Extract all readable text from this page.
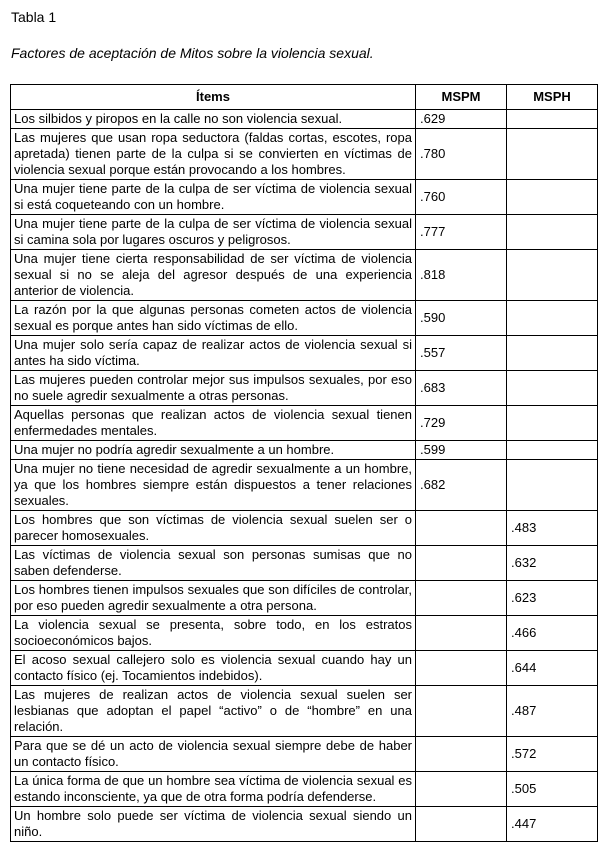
Tabla 1
Factores de aceptación de Mitos sobre la violencia sexual.
Ítems	MSPM	MSPH
Los silbidos y piropos en la calle no son violencia sexual.	.629	
Las mujeres que usan ropa seductora (faldas cortas, escotes, ropa apretada) tienen parte de la culpa si se convierten en víctimas de violencia sexual porque están provocando a los hombres.	.780	
Una mujer tiene parte de la culpa de ser víctima de violencia sexual si está coqueteando con un hombre.	.760	
Una mujer tiene parte de la culpa de ser víctima de violencia sexual si camina sola por lugares oscuros y peligrosos.	.777	
Una mujer tiene cierta responsabilidad de ser víctima de violencia sexual si no se aleja del agresor después de una experiencia anterior de violencia.	.818	
La razón por la que algunas personas cometen actos de violencia sexual es porque antes han sido víctimas de ello.	.590	
Una mujer solo sería capaz de realizar actos de violencia sexual si antes ha sido víctima.	.557	
Las mujeres pueden controlar mejor sus impulsos sexuales, por eso no suele agredir sexualmente a otras personas.	.683	
Aquellas personas que realizan actos de violencia sexual tienen enfermedades mentales.	.729	
Una mujer no podría agredir sexualmente a un hombre.	.599	
Una mujer no tiene necesidad de agredir sexualmente a un hombre, ya que los hombres siempre están dispuestos a tener relaciones sexuales.	.682	
Los hombres que son víctimas de violencia sexual suelen ser o parecer homosexuales.		.483
Las víctimas de violencia sexual son personas sumisas que no saben defenderse.		.632
Los hombres tienen impulsos sexuales que son difíciles de controlar, por eso pueden agredir sexualmente a otra persona.		.623
La violencia sexual se presenta, sobre todo, en los estratos socioeconómicos bajos.		.466
El acoso sexual callejero solo es violencia sexual cuando hay un contacto físico (ej. Tocamientos indebidos).		.644
Las mujeres de realizan actos de violencia sexual suelen ser lesbianas que adoptan el papel “activo” o de “hombre” en una relación.		.487
Para que se dé un acto de violencia sexual siempre debe de haber un contacto físico.		.572
La única forma de que un hombre sea víctima de violencia sexual es estando inconsciente, ya que de otra forma podría defenderse.		.505
Un hombre solo puede ser víctima de violencia sexual siendo un niño.		.447
